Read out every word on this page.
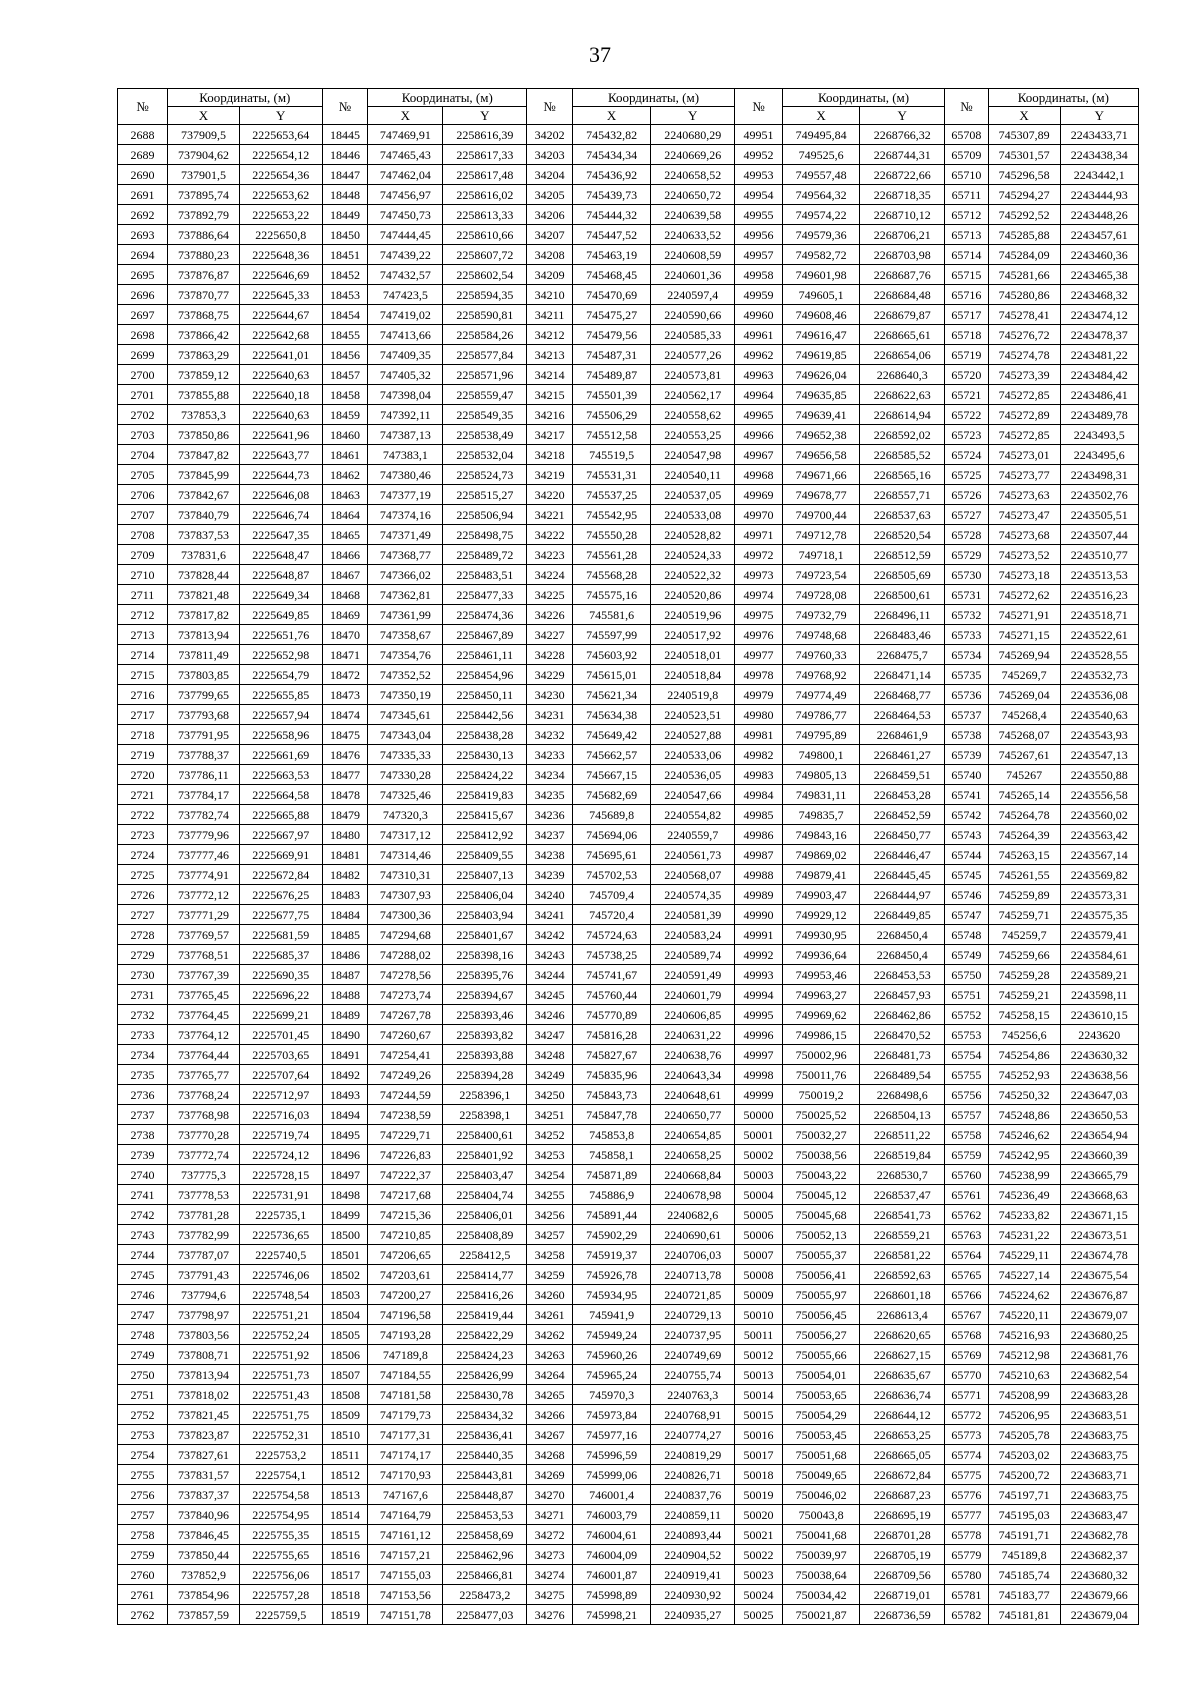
37
№	Координаты, (м)		№	Координаты, (м)		№	Координаты, (м)		№	Координаты, (м)		№	Координаты, (м)	
	X	Y		X	Y		X	Y		X	Y		X	Y
2688	737909,5	2225653,64	18445	747469,91	2258616,39	34202	745432,82	2240680,29	49951	749495,84	2268766,32	65708	745307,89	2243433,71
2689	737904,62	2225654,12	18446	747465,43	2258617,33	34203	745434,34	2240669,26	49952	749525,6	2268744,31	65709	745301,57	2243438,34
2690	737901,5	2225654,36	18447	747462,04	2258617,48	34204	745436,92	2240658,52	49953	749557,48	2268722,66	65710	745296,58	2243442,1
2691	737895,74	2225653,62	18448	747456,97	2258616,02	34205	745439,73	2240650,72	49954	749564,32	2268718,35	65711	745294,27	2243444,93
2692	737892,79	2225653,22	18449	747450,73	2258613,33	34206	745444,32	2240639,58	49955	749574,22	2268710,12	65712	745292,52	2243448,26
2693	737886,64	2225650,8	18450	747444,45	2258610,66	34207	745447,52	2240633,52	49956	749579,36	2268706,21	65713	745285,88	2243457,61
2694	737880,23	2225648,36	18451	747439,22	2258607,72	34208	745463,19	2240608,59	49957	749582,72	2268703,98	65714	745284,09	2243460,36
2695	737876,87	2225646,69	18452	747432,57	2258602,54	34209	745468,45	2240601,36	49958	749601,98	2268687,76	65715	745281,66	2243465,38
2696	737870,77	2225645,33	18453	747423,5	2258594,35	34210	745470,69	2240597,4	49959	749605,1	2268684,48	65716	745280,86	2243468,32
2697	737868,75	2225644,67	18454	747419,02	2258590,81	34211	745475,27	2240590,66	49960	749608,46	2268679,87	65717	745278,41	2243474,12
2698	737866,42	2225642,68	18455	747413,66	2258584,26	34212	745479,56	2240585,33	49961	749616,47	2268665,61	65718	745276,72	2243478,37
2699	737863,29	2225641,01	18456	747409,35	2258577,84	34213	745487,31	2240577,26	49962	749619,85	2268654,06	65719	745274,78	2243481,22
2700	737859,12	2225640,63	18457	747405,32	2258571,96	34214	745489,87	2240573,81	49963	749626,04	2268640,3	65720	745273,39	2243484,42
2701	737855,88	2225640,18	18458	747398,04	2258559,47	34215	745501,39	2240562,17	49964	749635,85	2268622,63	65721	745272,85	2243486,41
2702	737853,3	2225640,63	18459	747392,11	2258549,35	34216	745506,29	2240558,62	49965	749639,41	2268614,94	65722	745272,89	2243489,78
2703	737850,86	2225641,96	18460	747387,13	2258538,49	34217	745512,58	2240553,25	49966	749652,38	2268592,02	65723	745272,85	2243493,5
2704	737847,82	2225643,77	18461	747383,1	2258532,04	34218	745519,5	2240547,98	49967	749656,58	2268585,52	65724	745273,01	2243495,6
2705	737845,99	2225644,73	18462	747380,46	2258524,73	34219	745531,31	2240540,11	49968	749671,66	2268565,16	65725	745273,77	2243498,31
2706	737842,67	2225646,08	18463	747377,19	2258515,27	34220	745537,25	2240537,05	49969	749678,77	2268557,71	65726	745273,63	2243502,76
2707	737840,79	2225646,74	18464	747374,16	2258506,94	34221	745542,95	2240533,08	49970	749700,44	2268537,63	65727	745273,47	2243505,51
2708	737837,53	2225647,35	18465	747371,49	2258498,75	34222	745550,28	2240528,82	49971	749712,78	2268520,54	65728	745273,68	2243507,44
2709	737831,6	2225648,47	18466	747368,77	2258489,72	34223	745561,28	2240524,33	49972	749718,1	2268512,59	65729	745273,52	2243510,77
2710	737828,44	2225648,87	18467	747366,02	2258483,51	34224	745568,28	2240522,32	49973	749723,54	2268505,69	65730	745273,18	2243513,53
2711	737821,48	2225649,34	18468	747362,81	2258477,33	34225	745575,16	2240520,86	49974	749728,08	2268500,61	65731	745272,62	2243516,23
2712	737817,82	2225649,85	18469	747361,99	2258474,36	34226	745581,6	2240519,96	49975	749732,79	2268496,11	65732	745271,91	2243518,71
2713	737813,94	2225651,76	18470	747358,67	2258467,89	34227	745597,99	2240517,92	49976	749748,68	2268483,46	65733	745271,15	2243522,61
2714	737811,49	2225652,98	18471	747354,76	2258461,11	34228	745603,92	2240518,01	49977	749760,33	2268475,7	65734	745269,94	2243528,55
2715	737803,85	2225654,79	18472	747352,52	2258454,96	34229	745615,01	2240518,84	49978	749768,92	2268471,14	65735	745269,7	2243532,73
2716	737799,65	2225655,85	18473	747350,19	2258450,11	34230	745621,34	2240519,8	49979	749774,49	2268468,77	65736	745269,04	2243536,08
2717	737793,68	2225657,94	18474	747345,61	2258442,56	34231	745634,38	2240523,51	49980	749786,77	2268464,53	65737	745268,4	2243540,63
2718	737791,95	2225658,96	18475	747343,04	2258438,28	34232	745649,42	2240527,88	49981	749795,89	2268461,9	65738	745268,07	2243543,93
2719	737788,37	2225661,69	18476	747335,33	2258430,13	34233	745662,57	2240533,06	49982	749800,1	2268461,27	65739	745267,61	2243547,13
2720	737786,11	2225663,53	18477	747330,28	2258424,22	34234	745667,15	2240536,05	49983	749805,13	2268459,51	65740	745267	2243550,88
2721	737784,17	2225664,58	18478	747325,46	2258419,83	34235	745682,69	2240547,66	49984	749831,11	2268453,28	65741	745265,14	2243556,58
2722	737782,74	2225665,88	18479	747320,3	2258415,67	34236	745689,8	2240554,82	49985	749835,7	2268452,59	65742	745264,78	2243560,02
2723	737779,96	2225667,97	18480	747317,12	2258412,92	34237	745694,06	2240559,7	49986	749843,16	2268450,77	65743	745264,39	2243563,42
2724	737777,46	2225669,91	18481	747314,46	2258409,55	34238	745695,61	2240561,73	49987	749869,02	2268446,47	65744	745263,15	2243567,14
2725	737774,91	2225672,84	18482	747310,31	2258407,13	34239	745702,53	2240568,07	49988	749879,41	2268445,45	65745	745261,55	2243569,82
2726	737772,12	2225676,25	18483	747307,93	2258406,04	34240	745709,4	2240574,35	49989	749903,47	2268444,97	65746	745259,89	2243573,31
2727	737771,29	2225677,75	18484	747300,36	2258403,94	34241	745720,4	2240581,39	49990	749929,12	2268449,85	65747	745259,71	2243575,35
2728	737769,57	2225681,59	18485	747294,68	2258401,67	34242	745724,63	2240583,24	49991	749930,95	2268450,4	65748	745259,7	2243579,41
2729	737768,51	2225685,37	18486	747288,02	2258398,16	34243	745738,25	2240589,74	49992	749936,64	2268450,4	65749	745259,66	2243584,61
2730	737767,39	2225690,35	18487	747278,56	2258395,76	34244	745741,67	2240591,49	49993	749953,46	2268453,53	65750	745259,28	2243589,21
2731	737765,45	2225696,22	18488	747273,74	2258394,67	34245	745760,44	2240601,79	49994	749963,27	2268457,93	65751	745259,21	2243598,11
2732	737764,45	2225699,21	18489	747267,78	2258393,46	34246	745770,89	2240606,85	49995	749969,62	2268462,86	65752	745258,15	2243610,15
2733	737764,12	2225701,45	18490	747260,67	2258393,82	34247	745816,28	2240631,22	49996	749986,15	2268470,52	65753	745256,6	2243620
2734	737764,44	2225703,65	18491	747254,41	2258393,88	34248	745827,67	2240638,76	49997	750002,96	2268481,73	65754	745254,86	2243630,32
2735	737765,77	2225707,64	18492	747249,26	2258394,28	34249	745835,96	2240643,34	49998	750011,76	2268489,54	65755	745252,93	2243638,56
2736	737768,24	2225712,97	18493	747244,59	2258396,1	34250	745843,73	2240648,61	49999	750019,2	2268498,6	65756	745250,32	2243647,03
2737	737768,98	2225716,03	18494	747238,59	2258398,1	34251	745847,78	2240650,77	50000	750025,52	2268504,13	65757	745248,86	2243650,53
2738	737770,28	2225719,74	18495	747229,71	2258400,61	34252	745853,8	2240654,85	50001	750032,27	2268511,22	65758	745246,62	2243654,94
2739	737772,74	2225724,12	18496	747226,83	2258401,92	34253	745858,1	2240658,25	50002	750038,56	2268519,84	65759	745242,95	2243660,39
2740	737775,3	2225728,15	18497	747222,37	2258403,47	34254	745871,89	2240668,84	50003	750043,22	2268530,7	65760	745238,99	2243665,79
2741	737778,53	2225731,91	18498	747217,68	2258404,74	34255	745886,9	2240678,98	50004	750045,12	2268537,47	65761	745236,49	2243668,63
2742	737781,28	2225735,1	18499	747215,36	2258406,01	34256	745891,44	2240682,6	50005	750045,68	2268541,73	65762	745233,82	2243671,15
2743	737782,99	2225736,65	18500	747210,85	2258408,89	34257	745902,29	2240690,61	50006	750052,13	2268559,21	65763	745231,22	2243673,51
2744	737787,07	2225740,5	18501	747206,65	2258412,5	34258	745919,37	2240706,03	50007	750055,37	2268581,22	65764	745229,11	2243674,78
2745	737791,43	2225746,06	18502	747203,61	2258414,77	34259	745926,78	2240713,78	50008	750056,41	2268592,63	65765	745227,14	2243675,54
2746	737794,6	2225748,54	18503	747200,27	2258416,26	34260	745934,95	2240721,85	50009	750055,97	2268601,18	65766	745224,62	2243676,87
2747	737798,97	2225751,21	18504	747196,58	2258419,44	34261	745941,9	2240729,13	50010	750056,45	2268613,4	65767	745220,11	2243679,07
2748	737803,56	2225752,24	18505	747193,28	2258422,29	34262	745949,24	2240737,95	50011	750056,27	2268620,65	65768	745216,93	2243680,25
2749	737808,71	2225751,92	18506	747189,8	2258424,23	34263	745960,26	2240749,69	50012	750055,66	2268627,15	65769	745212,98	2243681,76
2750	737813,94	2225751,73	18507	747184,55	2258426,99	34264	745965,24	2240755,74	50013	750054,01	2268635,67	65770	745210,63	2243682,54
2751	737818,02	2225751,43	18508	747181,58	2258430,78	34265	745970,3	2240763,3	50014	750053,65	2268636,74	65771	745208,99	2243683,28
2752	737821,45	2225751,75	18509	747179,73	2258434,32	34266	745973,84	2240768,91	50015	750054,29	2268644,12	65772	745206,95	2243683,51
2753	737823,87	2225752,31	18510	747177,31	2258436,41	34267	745977,16	2240774,27	50016	750053,45	2268653,25	65773	745205,78	2243683,75
2754	737827,61	2225753,2	18511	747174,17	2258440,35	34268	745996,59	2240819,29	50017	750051,68	2268665,05	65774	745203,02	2243683,75
2755	737831,57	2225754,1	18512	747170,93	2258443,81	34269	745999,06	2240826,71	50018	750049,65	2268672,84	65775	745200,72	2243683,71
2756	737837,37	2225754,58	18513	747167,6	2258448,87	34270	746001,4	2240837,76	50019	750046,02	2268687,23	65776	745197,71	2243683,75
2757	737840,96	2225754,95	18514	747164,79	2258453,53	34271	746003,79	2240859,11	50020	750043,8	2268695,19	65777	745195,03	2243683,47
2758	737846,45	2225755,35	18515	747161,12	2258458,69	34272	746004,61	2240893,44	50021	750041,68	2268701,28	65778	745191,71	2243682,78
2759	737850,44	2225755,65	18516	747157,21	2258462,96	34273	746004,09	2240904,52	50022	750039,97	2268705,19	65779	745189,8	2243682,37
2760	737852,9	2225756,06	18517	747155,03	2258466,81	34274	746001,87	2240919,41	50023	750038,64	2268709,56	65780	745185,74	2243680,32
2761	737854,96	2225757,28	18518	747153,56	2258473,2	34275	745998,89	2240930,92	50024	750034,42	2268719,01	65781	745183,77	2243679,66
2762	737857,59	2225759,5	18519	747151,78	2258477,03	34276	745998,21	2240935,27	50025	750021,87	2268736,59	65782	745181,81	2243679,04
